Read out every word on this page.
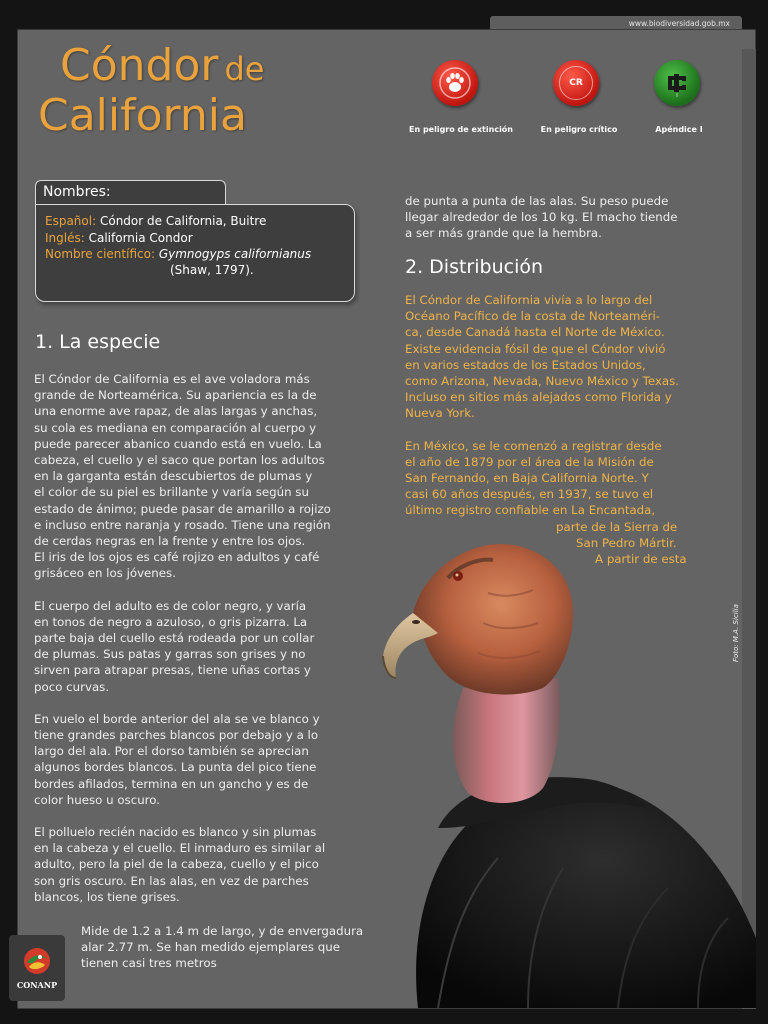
www.biodiversidad.gob.mx
Cóndor de
California
CR
I
En peligro de extinción	En peligro crítico	Apéndice I
Nombres:
Español: Cóndor de California, Buitre
Inglés: California Condor
Nombre científico: Gymnogyps californianus
(Shaw, 1797).
1. La especie
El Cóndor de California es el ave voladora más
grande de Norteamérica. Su apariencia es la de
una enorme ave rapaz, de alas largas y anchas,
su cola es mediana en comparación al cuerpo y
puede parecer abanico cuando está en vuelo. La
cabeza, el cuello y el saco que portan los adultos
en la garganta están descubiertos de plumas y
el color de su piel es brillante y varía según su
estado de ánimo; puede pasar de amarillo a rojizo
e incluso entre naranja y rosado. Tiene una región
de cerdas negras en la frente y entre los ojos.
El iris de los ojos es café rojizo en adultos y café
grisáceo en los jóvenes.
El cuerpo del adulto es de color negro, y varía
en tonos de negro a azuloso, o gris pizarra. La
parte baja del cuello está rodeada por un collar
de plumas. Sus patas y garras son grises y no
sirven para atrapar presas, tiene uñas cortas y
poco curvas.
En vuelo el borde anterior del ala se ve blanco y
tiene grandes parches blancos por debajo y a lo
largo del ala. Por el dorso también se aprecian
algunos bordes blancos. La punta del pico tiene
bordes afilados, termina en un gancho y es de
color hueso u oscuro.
El polluelo recién nacido es blanco y sin plumas
en la cabeza y el cuello. El inmaduro es similar al
adulto, pero la piel de la cabeza, cuello y el pico
son gris oscuro. En las alas, en vez de parches
blancos, los tiene grises.
Mide de 1.2 a 1.4 m de largo, y de envergadura alar 2.77 m. Se han medido ejemplares que tienen casi tres metros
de punta a punta de las alas. Su peso puede
llegar alrededor de los 10 kg. El macho tiende
a ser más grande que la hembra.
2. Distribución
El Cóndor de California vivía a lo largo del
Océano Pacífico de la costa de Norteaméri-
ca, desde Canadá hasta el Norte de México.
Existe evidencia fósil de que el Cóndor vivió
en varios estados de los Estados Unidos,
como Arizona, Nevada, Nuevo México y Texas.
Incluso en sitios más alejados como Florida y
Nueva York.
En México, se le comenzó a registrar desde
el año de 1879 por el área de la Misión de
San Fernando, en Baja California Norte. Y
casi 60 años después, en 1937, se tuvo el
último registro confiable en La Encantada,
parte de la Sierra de
San Pedro Mártir.
A partir de esta
Foto: M.A. Sicilia
CONANP
